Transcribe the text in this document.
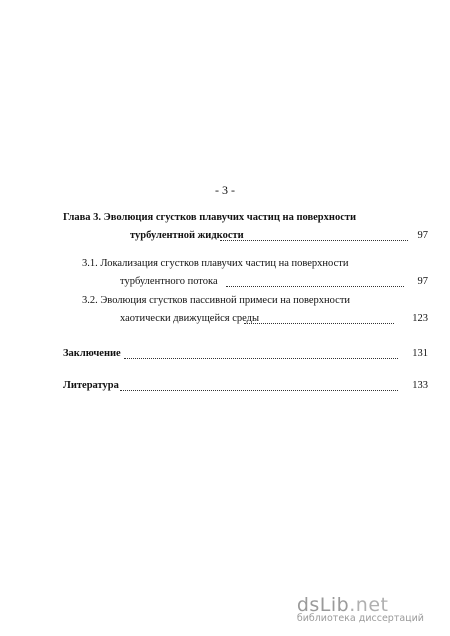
- 3 -
Глава 3. Эволюция сгустков плавучих частиц на поверхности
турбулентной жидкости	97
3.1. Локализация сгустков плавучих частиц на поверхности
турбулентного потока	97
3.2. Эволюция сгустков пассивной примеси на поверхности
хаотически движущейся среды	123
Заключение	131
Литература	133
dsLib.net
библиотека диссертаций
